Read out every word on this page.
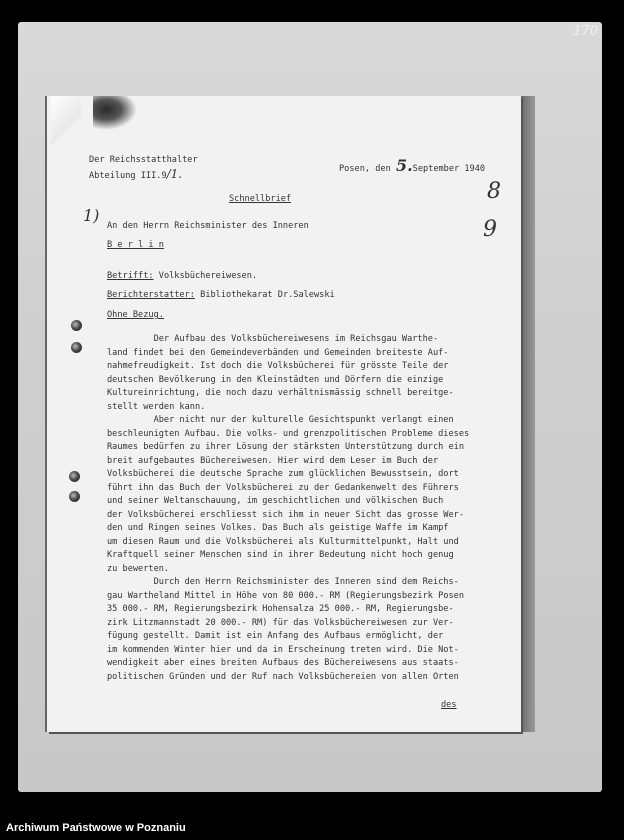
170
Der Reichsstatthalter
Abteilung III.9/1.	Posen, den 5.September 1940
Schnellbrief
1)
8
9
An den Herrn Reichsminister des Inneren
B e r l i n
Betrifft: Volksbüchereiwesen.
Berichterstatter: Bibliothekarat Dr.Salewski
Ohne Bezug.
Der Aufbau des Volksbüchereiwesens im Reichsgau Warthe-
land findet bei den Gemeindeverbänden und Gemeinden breiteste Auf-
nahmefreudigkeit. Ist doch die Volksbücherei für grösste Teile der
deutschen Bevölkerung in den Kleinstädten und Dörfern die einzige
Kultureinrichtung, die noch dazu verhältnismässig schnell bereitge-
stellt werden kann.
Aber nicht nur der kulturelle Gesichtspunkt verlangt einen
beschleunigten Aufbau. Die volks- und grenzpolitischen Probleme dieses
Raumes bedürfen zu ihrer Lösung der stärksten Unterstützung durch ein
breit aufgebautes Büchereiwesen. Hier wird dem Leser im Buch der
Volksbücherei die deutsche Sprache zum glücklichen Bewusstsein, dort
führt ihn das Buch der Volksbücherei zu der Gedankenwelt des Führers
und seiner Weltanschauung, im geschichtlichen und völkischen Buch
der Volksbücherei erschliesst sich ihm in neuer Sicht das grosse Wer-
den und Ringen seines Volkes. Das Buch als geistige Waffe im Kampf
um diesen Raum und die Volksbücherei als Kulturmittelpunkt, Halt und
Kraftquell seiner Menschen sind in ihrer Bedeutung nicht hoch genug
zu bewerten.
Durch den Herrn Reichsminister des Inneren sind dem Reichs-
gau Wartheland Mittel in Höhe von 80 000.- RM (Regierungsbezirk Posen
35 000.- RM, Regierungsbezirk Hohensalza 25 000.- RM, Regierungsbe-
zirk Litzmannstadt 20 000.- RM) für das Volksbüchereiwesen zur Ver-
fügung gestellt. Damit ist ein Anfang des Aufbaus ermöglicht, der
im kommenden Winter hier und da in Erscheinung treten wird. Die Not-
wendigkeit aber eines breiten Aufbaus des Büchereiwesens aus staats-
politischen Gründen und der Ruf nach Volksbüchereien von allen Orten
des
Archiwum Państwowe w Poznaniu
